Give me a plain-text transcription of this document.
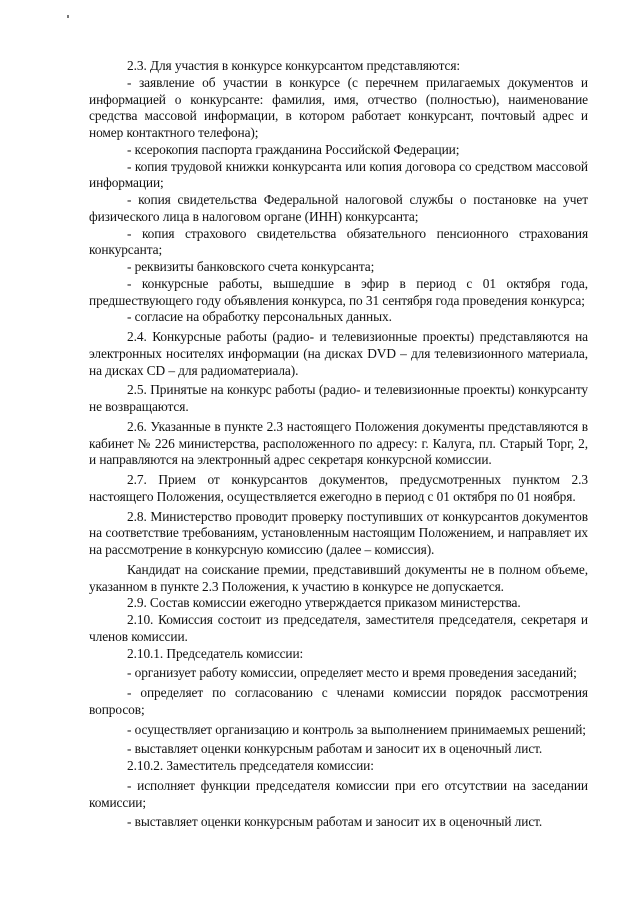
2.3. Для участия в конкурсе конкурсантом представляются:

- заявление об участии в конкурсе (с перечнем прилагаемых документов и информацией о конкурсанте: фамилия, имя, отчество (полностью), наименование средства массовой информации, в котором работает конкурсант, почтовый адрес и номер контактного телефона);

- ксерокопия паспорта гражданина Российской Федерации;

- копия трудовой книжки конкурсанта или копия договора со средством массовой информации;

- копия свидетельства Федеральной налоговой службы о постановке на учет физического лица в налоговом органе (ИНН) конкурсанта;

- копия страхового свидетельства обязательного пенсионного страхования конкурсанта;

- реквизиты банковского счета конкурсанта;

- конкурсные работы, вышедшие в эфир в период с 01 октября года, предшествующего году объявления конкурса, по 31 сентября года проведения конкурса;

- согласие на обработку персональных данных.

2.4. Конкурсные работы (радио- и телевизионные проекты) представляются на электронных носителях информации (на дисках DVD – для телевизионного материала, на дисках CD – для радиоматериала).

2.5. Принятые на конкурс работы (радио- и телевизионные проекты) конкурсанту не возвращаются.

2.6. Указанные в пункте 2.3 настоящего Положения документы представляются в кабинет № 226 министерства, расположенного по адресу: г. Калуга, пл. Старый Торг, 2, и направляются на электронный адрес секретаря конкурсной комиссии.

2.7. Прием от конкурсантов документов, предусмотренных пунктом 2.3 настоящего Положения, осуществляется ежегодно в период с 01 октября по 01 ноября.

2.8. Министерство проводит проверку поступивших от конкурсантов документов на соответствие требованиям, установленным настоящим Положением, и направляет их на рассмотрение в конкурсную комиссию (далее – комиссия).

Кандидат на соискание премии, представивший документы не в полном объеме, указанном в пункте 2.3 Положения, к участию в конкурсе не допускается.

2.9. Состав комиссии ежегодно утверждается приказом министерства.

2.10. Комиссия состоит из председателя, заместителя председателя, секретаря и членов комиссии.

2.10.1. Председатель комиссии:

- организует работу комиссии, определяет место и время проведения заседаний;

- определяет по согласованию с членами комиссии порядок рассмотрения вопросов;

- осуществляет организацию и контроль за выполнением принимаемых решений;

- выставляет оценки конкурсным работам и заносит их в оценочный лист.

2.10.2. Заместитель председателя комиссии:

- исполняет функции председателя комиссии при его отсутствии на заседании комиссии;

- выставляет оценки конкурсным работам и заносит их в оценочный лист.
